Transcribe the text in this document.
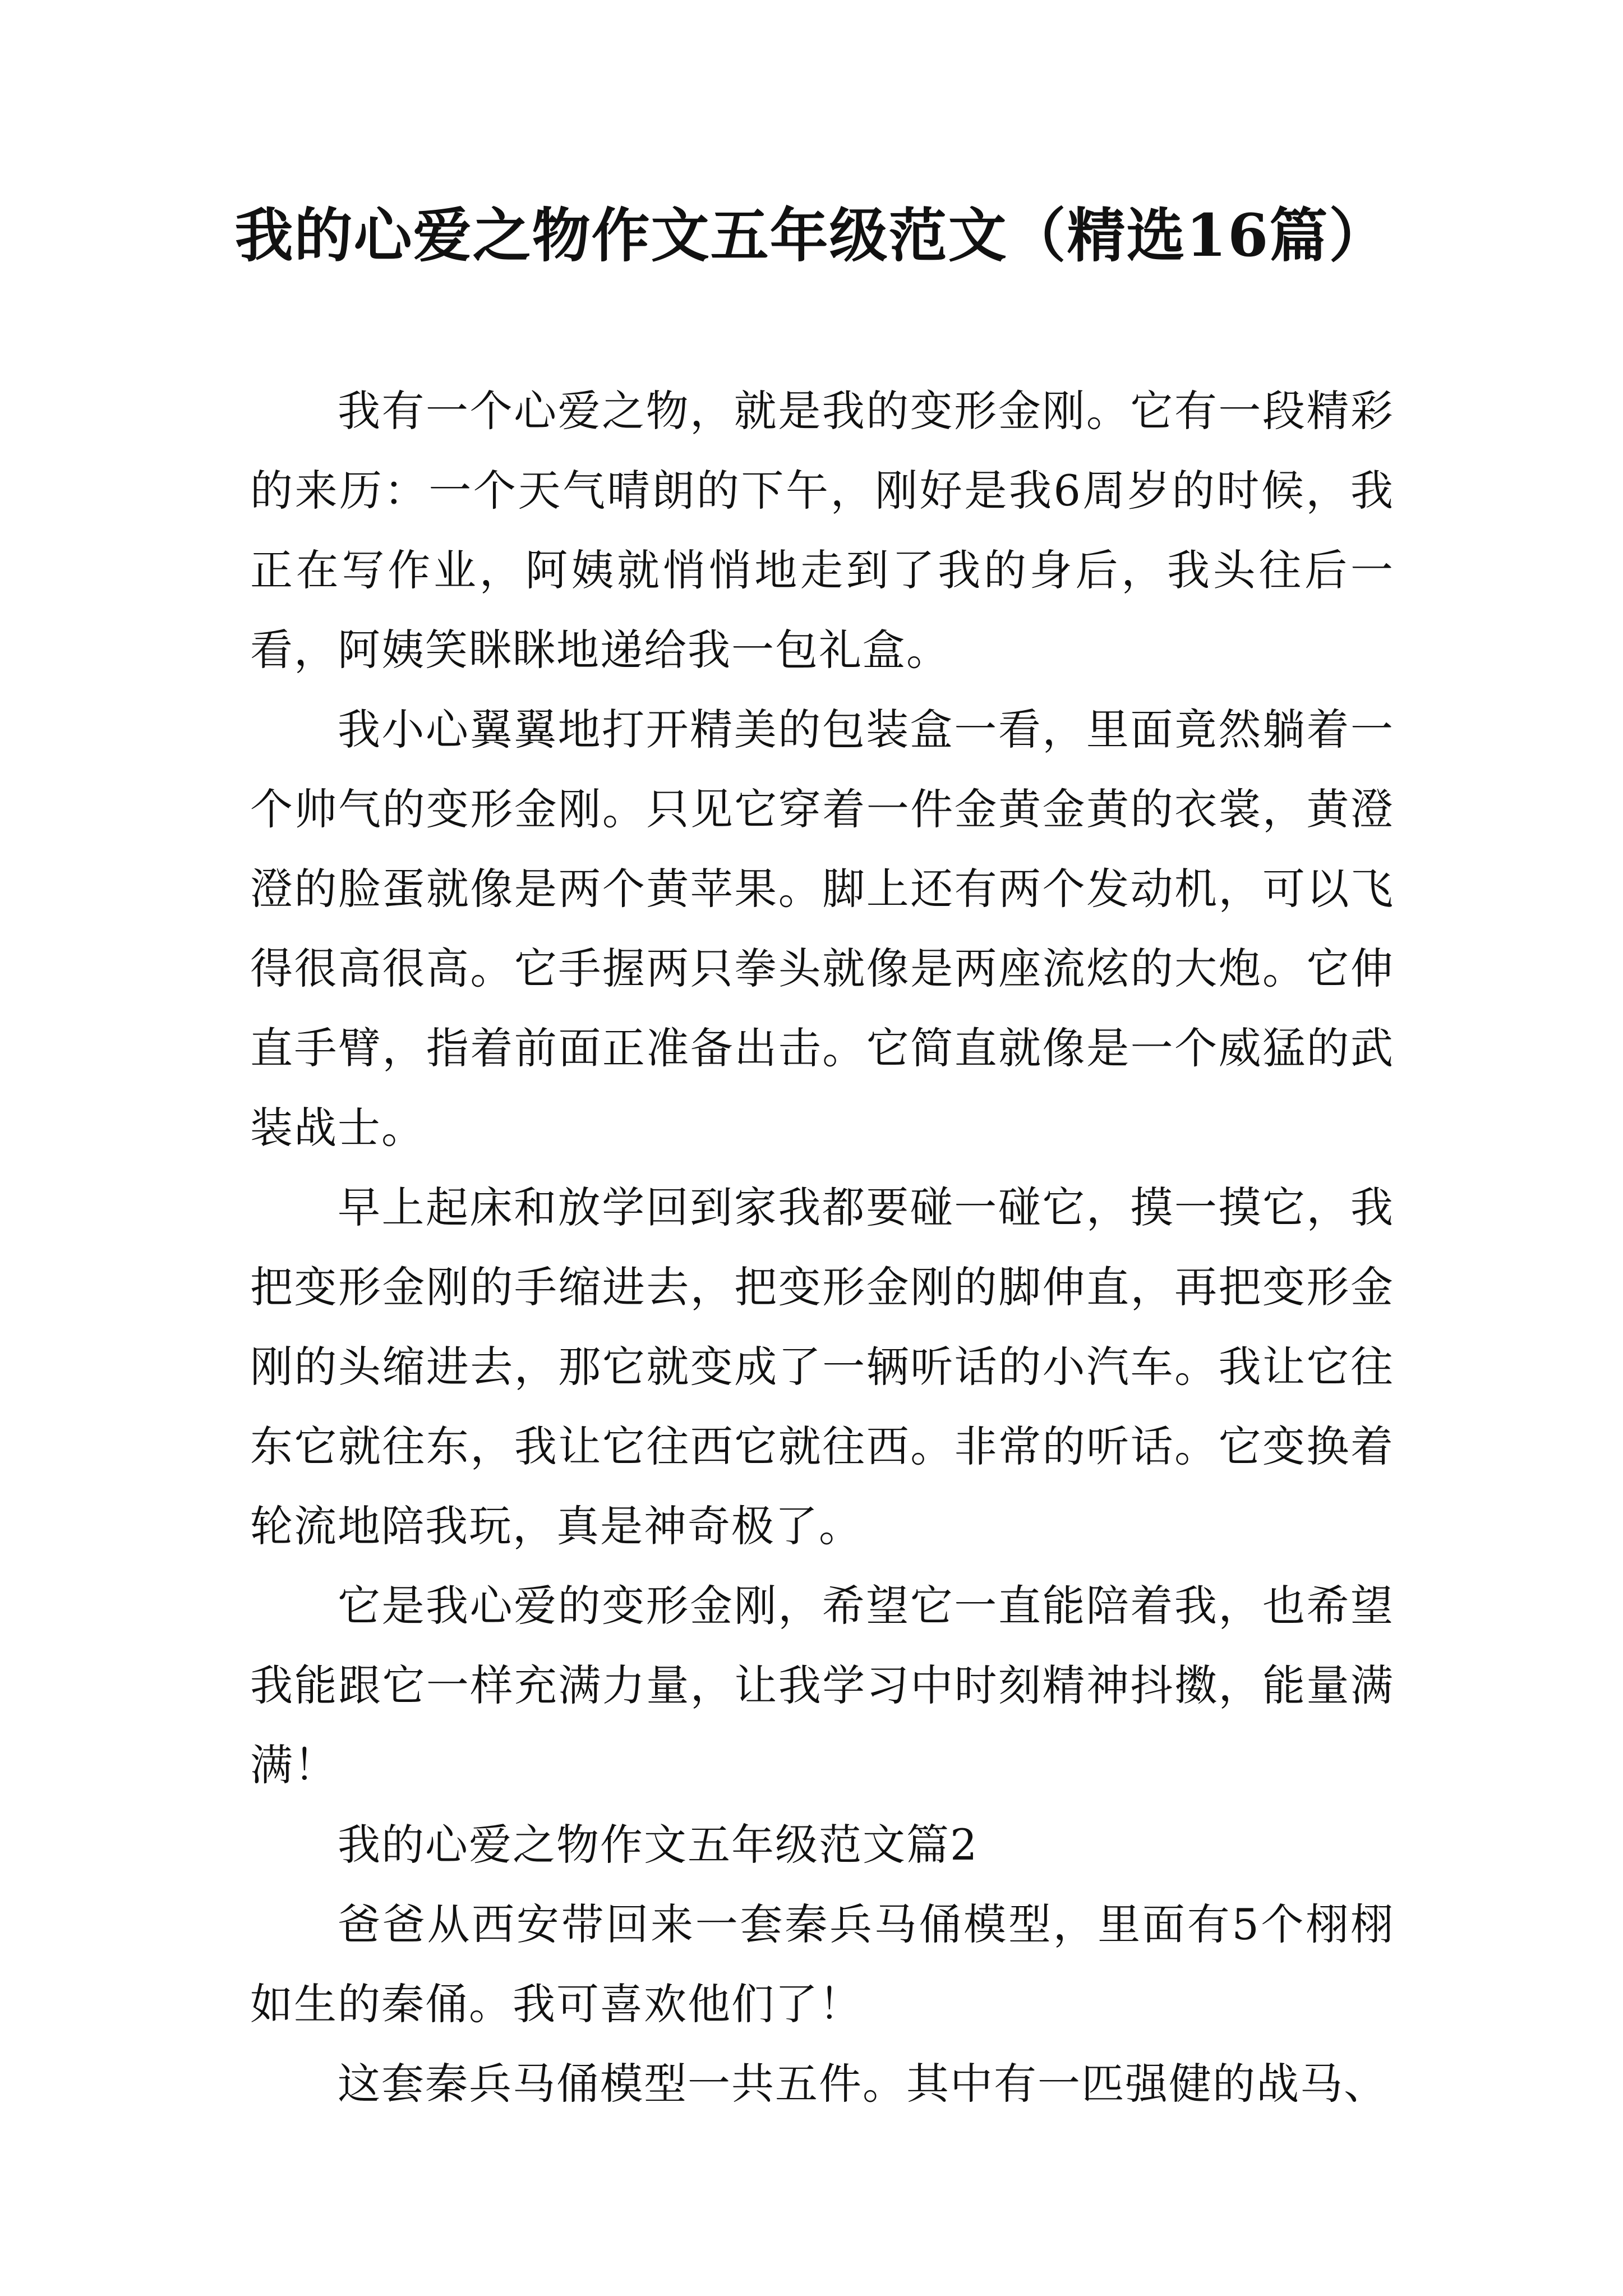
我的心爱之物作文五年级范文（精选16篇）

我有一个心爱之物，就是我的变形金刚。它有一段精彩的来历：一个天气晴朗的下午，刚好是我6周岁的时候，我正在写作业，阿姨就悄悄地走到了我的身后，我头往后一看，阿姨笑眯眯地递给我一包礼盒。

我小心翼翼地打开精美的包装盒一看，里面竟然躺着一个帅气的变形金刚。只见它穿着一件金黄金黄的衣裳，黄澄澄的脸蛋就像是两个黄苹果。脚上还有两个发动机，可以飞得很高很高。它手握两只拳头就像是两座流炫的大炮。它伸直手臂，指着前面正准备出击。它简直就像是一个威猛的武装战士。

早上起床和放学回到家我都要碰一碰它，摸一摸它，我把变形金刚的手缩进去，把变形金刚的脚伸直，再把变形金刚的头缩进去，那它就变成了一辆听话的小汽车。我让它往东它就往东，我让它往西它就往西。非常的听话。它变换着轮流地陪我玩，真是神奇极了。

它是我心爱的变形金刚，希望它一直能陪着我，也希望我能跟它一样充满力量，让我学习中时刻精神抖擞，能量满满！

我的心爱之物作文五年级范文篇2

爸爸从西安带回来一套秦兵马俑模型，里面有5个栩栩如生的秦俑。我可喜欢他们了！

这套秦兵马俑模型一共五件。其中有一匹强健的战马、
